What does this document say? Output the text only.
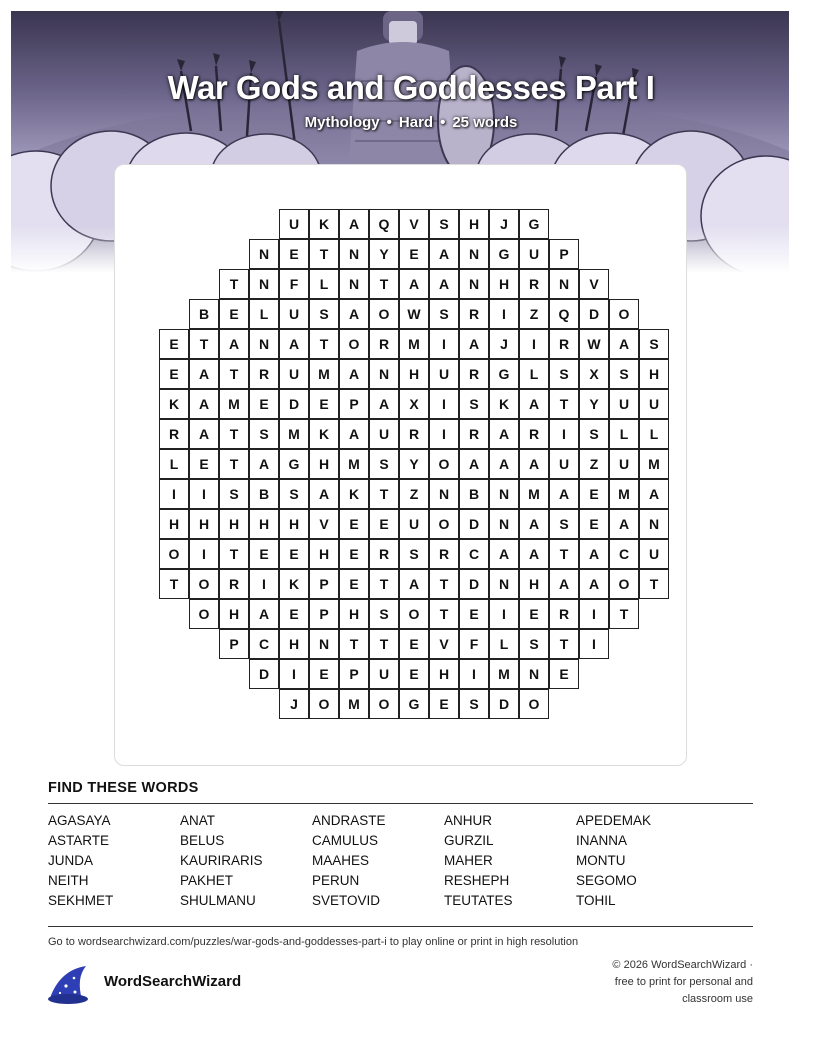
War Gods and Goddesses Part I
Mythology • Hard • 25 words
U	K	A	Q	V	S	H	J	G
N	E	T	N	Y	E	A	N	G	U	P
T	N	F	L	N	T	A	A	N	H	R	N	V
B	E	L	U	S	A	O	W	S	R	I	Z	Q	D	O
E	T	A	N	A	T	O	R	M	I	A	J	I	R	W	A	S
E	A	T	R	U	M	A	N	H	U	R	G	L	S	X	S	H
K	A	M	E	D	E	P	A	X	I	S	K	A	T	Y	U	U
R	A	T	S	M	K	A	U	R	I	R	A	R	I	S	L	L
L	E	T	A	G	H	M	S	Y	O	A	A	A	U	Z	U	M
I	I	S	B	S	A	K	T	Z	N	B	N	M	A	E	M	A
H	H	H	H	H	V	E	E	U	O	D	N	A	S	E	A	N
O	I	T	E	E	H	E	R	S	R	C	A	A	T	A	C	U
T	O	R	I	K	P	E	T	A	T	D	N	H	A	A	O	T
O	H	A	E	P	H	S	O	T	E	I	E	R	I	T
P	C	H	N	T	T	E	V	F	L	S	T	I
D	I	E	P	U	E	H	I	M	N	E
J	O	M	O	G	E	S	D	O
FIND THESE WORDS
AGASAYA	ANAT	ANDRASTE	ANHUR	APEDEMAK
ASTARTE	BELUS	CAMULUS	GURZIL	INANNA
JUNDA	KAURIRARIS	MAAHES	MAHER	MONTU
NEITH	PAKHET	PERUN	RESHEPH	SEGOMO
SEKHMET	SHULMANU	SVETOVID	TEUTATES	TOHIL
Go to wordsearchwizard.com/puzzles/war-gods-and-goddesses-part-i to play online or print in high resolution
WordSearchWizard
© 2026 WordSearchWizard ·
free to print for personal and
classroom use
